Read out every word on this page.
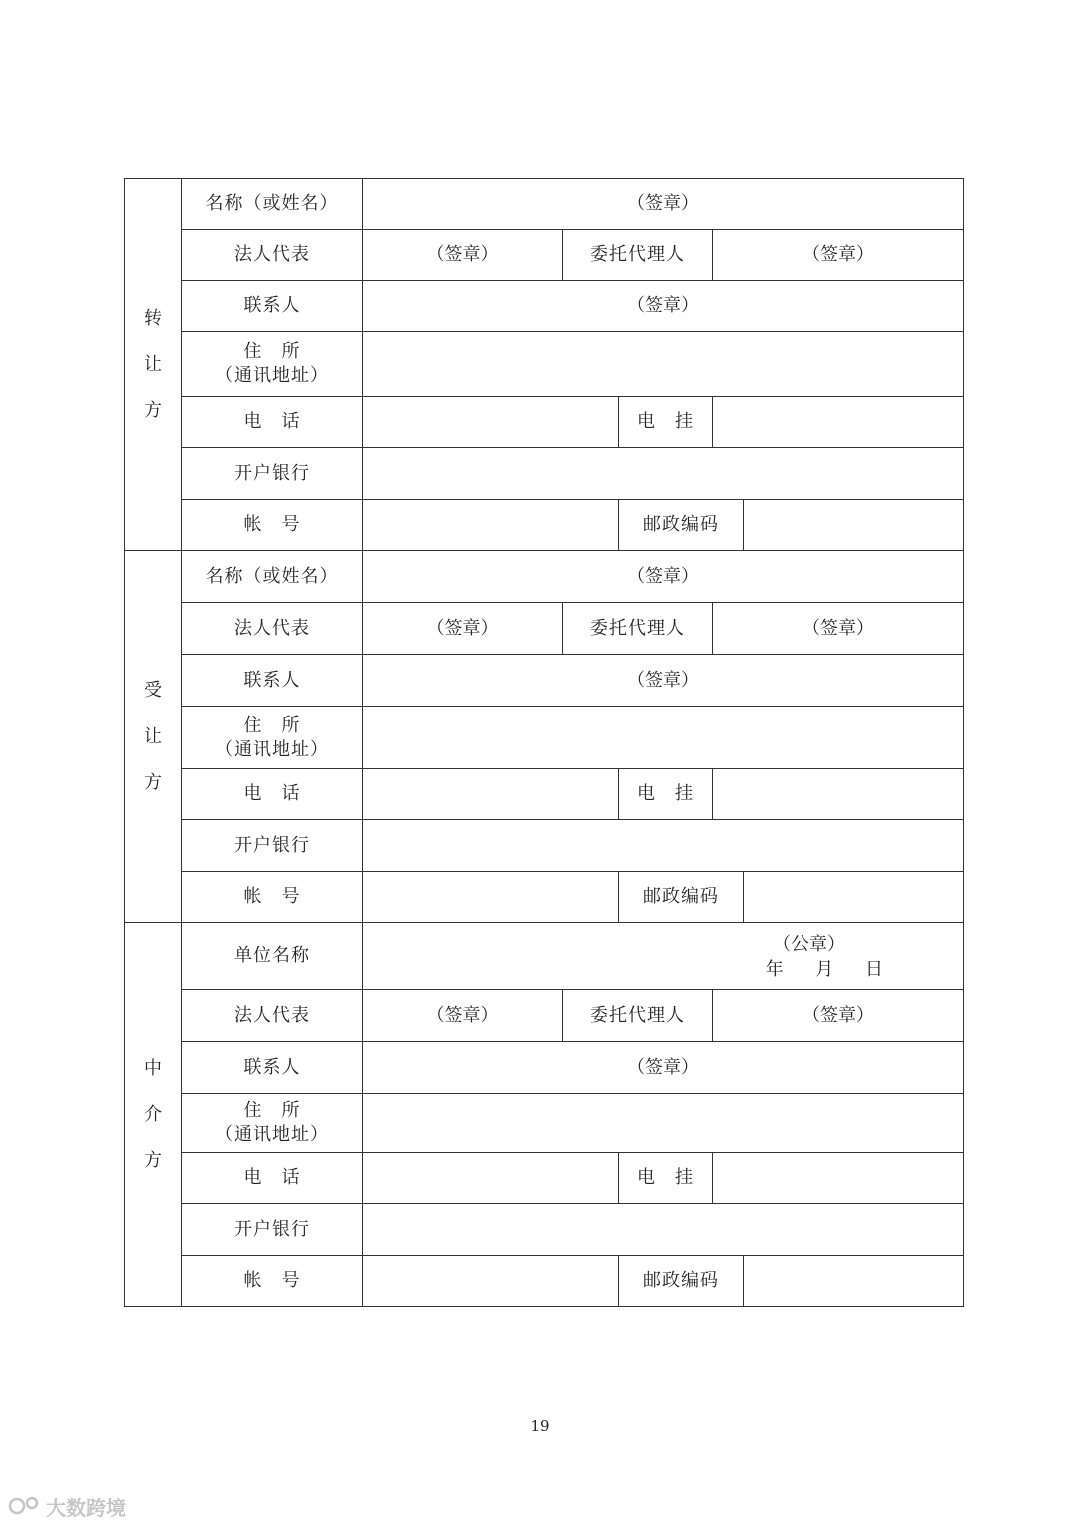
转
让
方	名称（或姓名）	（签章）				
	法人代表	（签章）	委托代理人		（签章）	
	联系人	（签章）				

	住　所
（通讯地址）					

	电　话			电　挂		
	开户银行					
	帐　号			邮政编码		

受
让
方	名称（或姓名）	（签章）				
	法人代表	（签章）	委托代理人		（签章）	
	联系人	（签章）				

	住　所
（通讯地址）					

	电　话			电　挂		
	开户银行					
	帐　号			邮政编码		

中
介
方	单位名称	（公章）
年 月 日				

	法人代表	（签章）	委托代理人		（签章）	
	联系人	（签章）				

	住　所
（通讯地址）					

	电　话			电　挂		
	开户银行					
	帐　号			邮政编码		
19
大数跨境
